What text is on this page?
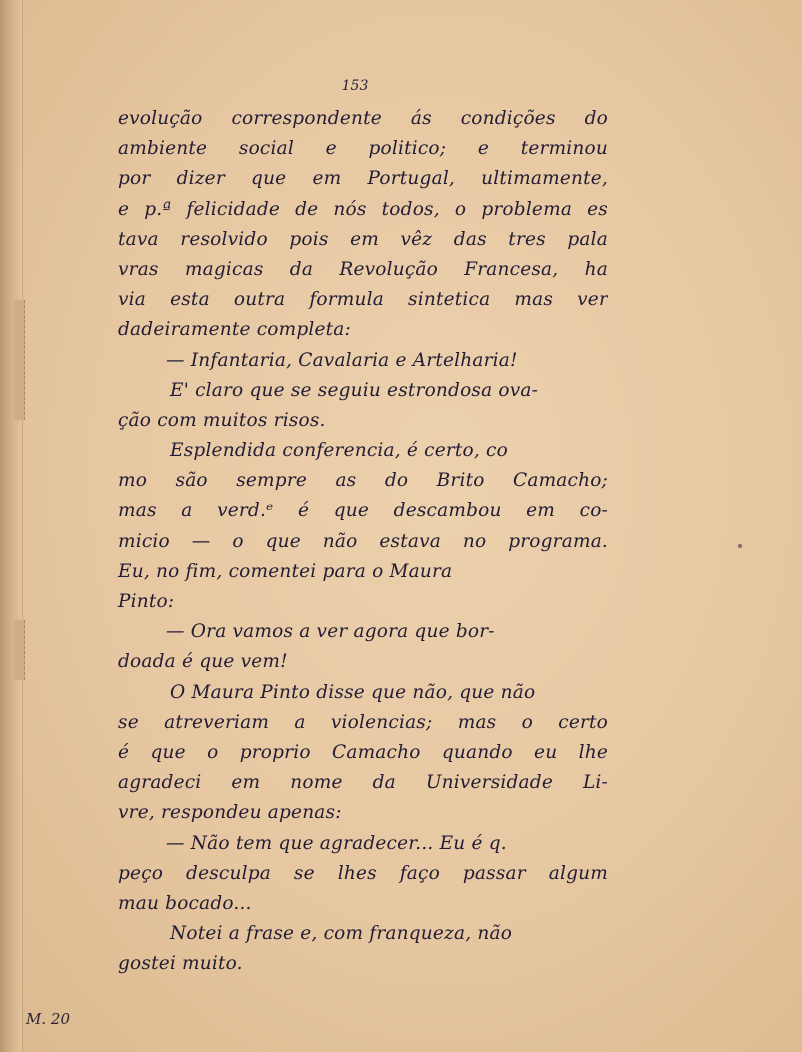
153
evolução correspondente ás condições do
ambiente social e politico; e terminou
por dizer que em Portugal, ultimamente,
e p.ª felicidade de nós todos, o problema es
tava resolvido pois em vêz das tres pala
vras magicas da Revolução Francesa, ha
via esta outra formula sintetica mas ver
dadeiramente completa:
— Infantaria, Cavalaria e Artelharia!
E' claro que se seguiu estrondosa ova-
ção com muitos risos.
Esplendida conferencia, é certo, co
mo são sempre as do Brito Camacho;
mas a verd.ᵉ é que descambou em co-
micio — o que não estava no programa.
Eu, no fim, comentei para o Maura
Pinto:
— Ora vamos a ver agora que bor-
doada é que vem!
O Maura Pinto disse que não, que não
se atreveriam a violencias; mas o certo
é que o proprio Camacho quando eu lhe
agradeci em nome da Universidade Li-
vre, respondeu apenas:
— Não tem que agradecer... Eu é q.
peço desculpa se lhes faço passar algum
mau bocado...
Notei a frase e, com franqueza, não
gostei muito.
M. 20
